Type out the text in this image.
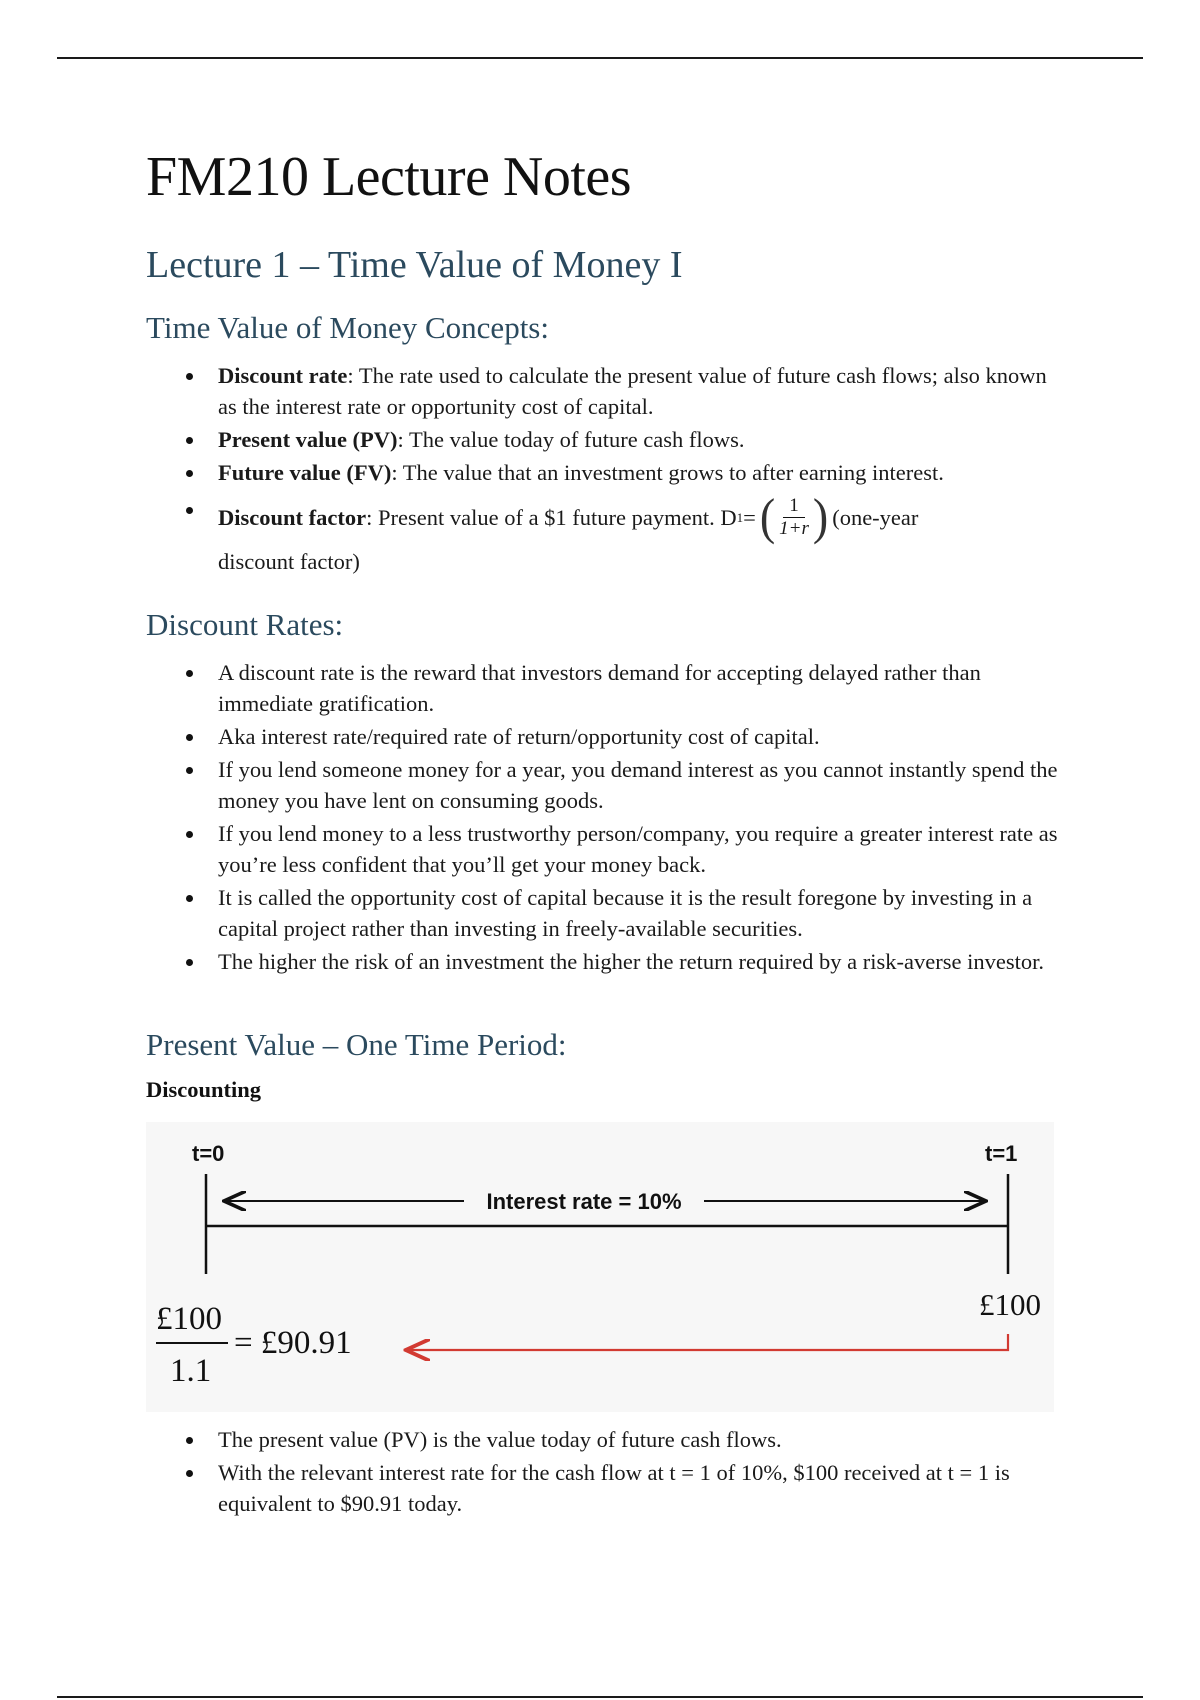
FM210 Lecture Notes
Lecture 1 – Time Value of Money I
Time Value of Money Concepts:
Discount rate: The rate used to calculate the present value of future cash flows; also known as the interest rate or opportunity cost of capital.
Present value (PV): The value today of future cash flows.
Future value (FV): The value that an investment grows to after earning interest.
Discount factor : Present value of a $1 future payment. D 1 = ( $\frac{1}{1+r}$ ) (one-year
discount factor)
Discount Rates:
A discount rate is the reward that investors demand for accepting delayed rather than immediate gratification.
Aka interest rate/required rate of return/opportunity cost of capital.
If you lend someone money for a year, you demand interest as you cannot instantly spend the money you have lent on consuming goods.
If you lend money to a less trustworthy person/company, you require a greater interest rate as you’re less confident that you’ll get your money back.
It is called the opportunity cost of capital because it is the result foregone by investing in a capital project rather than investing in freely-available securities.
The higher the risk of an investment the higher the return required by a risk-averse investor.
Present Value – One Time Period:

Discounting

t=0	t=1
Interest rate = 10%
£100
£100
1.1
= £90.91
The present value (PV) is the value today of future cash flows.
With the relevant interest rate for the cash flow at t = 1 of 10%, $100 received at t = 1 is equivalent to $90.91 today.
